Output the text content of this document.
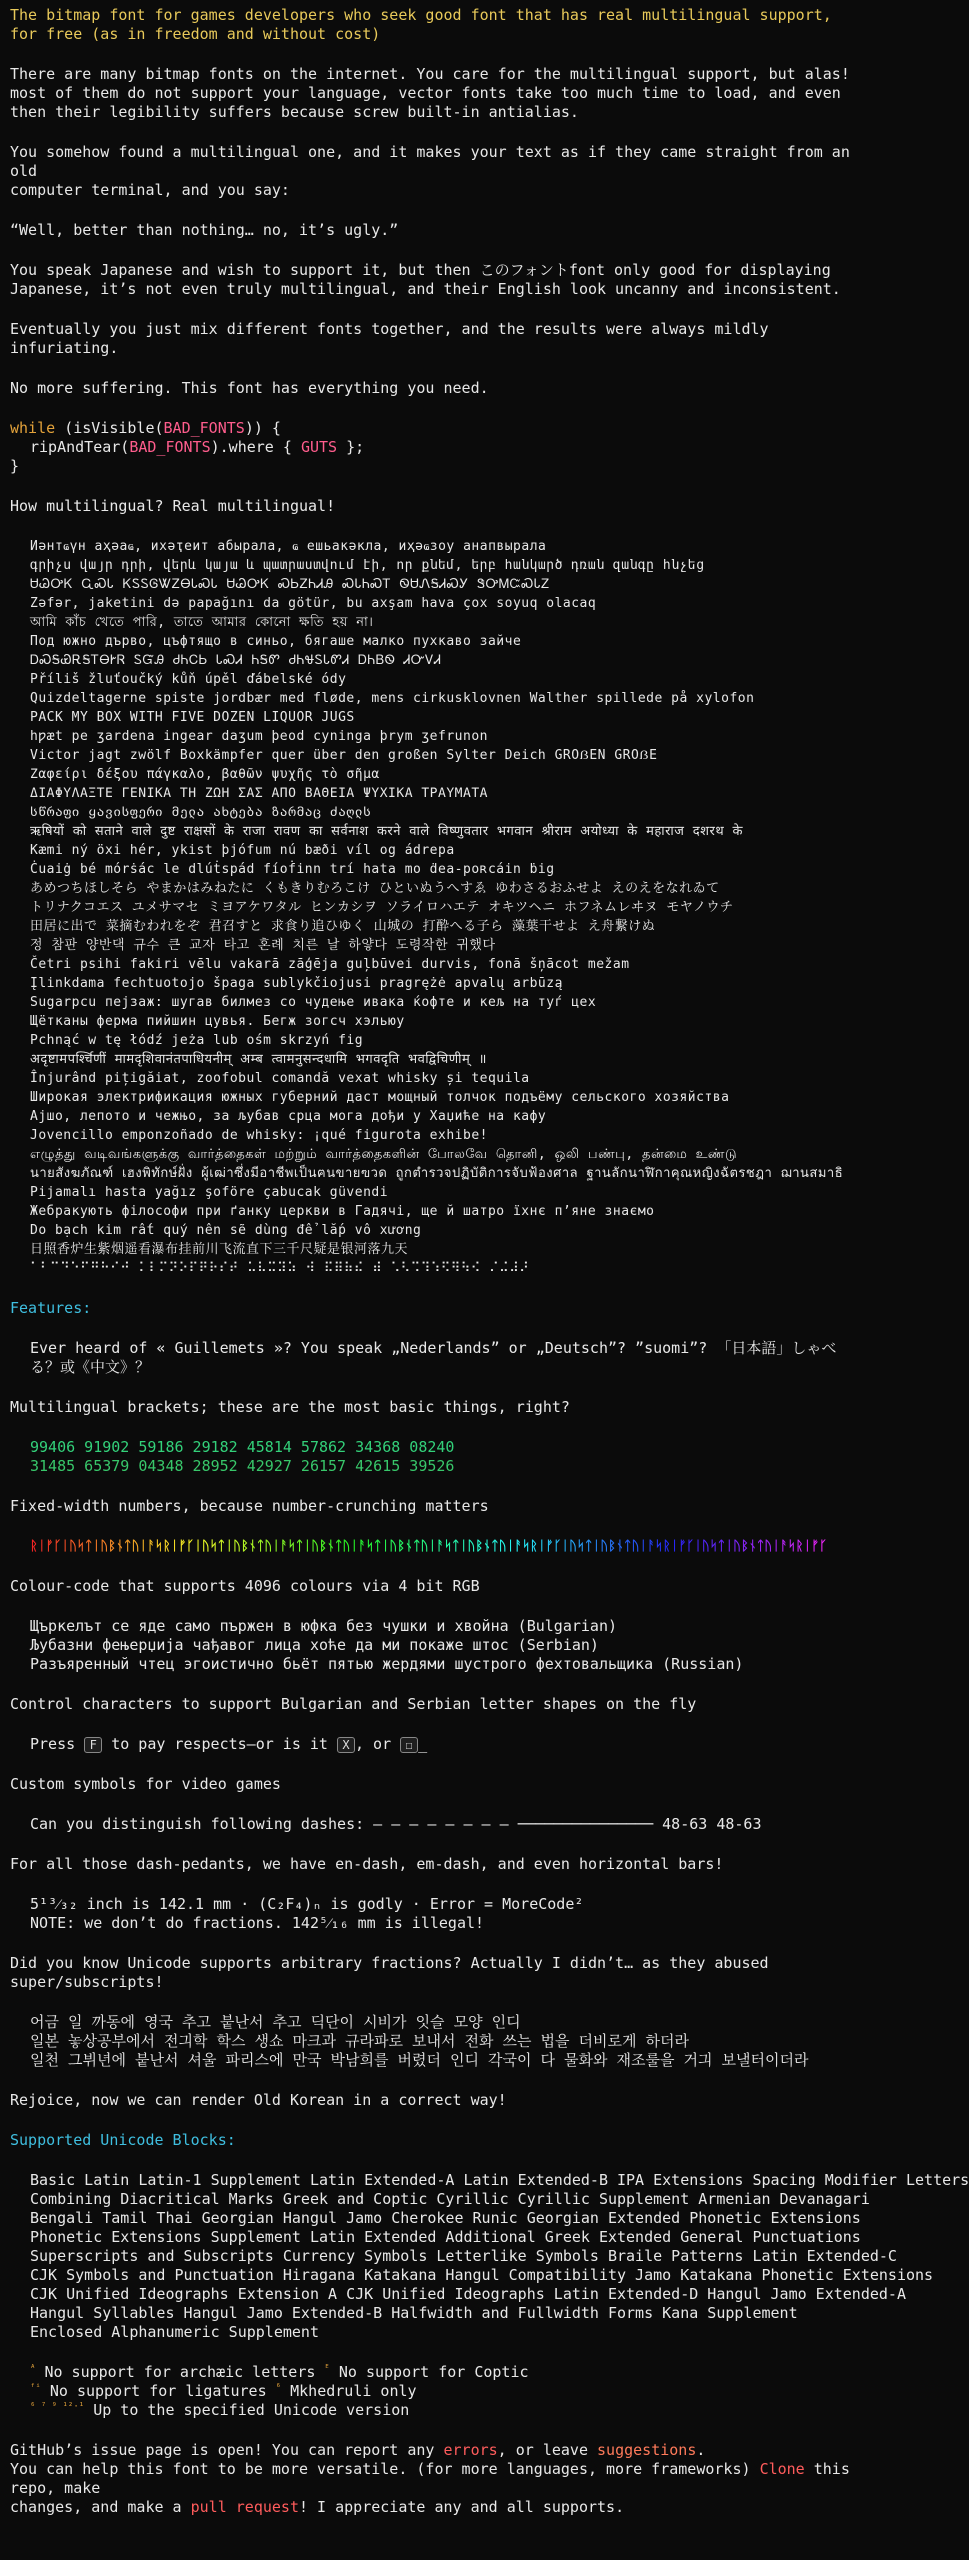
The bitmap font for games developers who seek good font that has real multilingual support,

for free (as in freedom and without cost)

There are many bitmap fonts on the internet. You care for the multilingual support, but alas!

most of them do not support your language, vector fonts take too much time to load, and even

then their legibility suffers because screw built-in antialias.

You somehow found a multilingual one, and it makes your text as if they came straight from an old

computer terminal, and you say:

“Well, better than nothing… no, it’s ugly.”

You speak Japanese and wish to support it, but then このフォントfont only good for displaying

Japanese, it’s not even truly multilingual, and their English look uncanny and inconsistent.

Eventually you just mix different fonts together, and the results were always mildly infuriating.

No more suffering. This font has everything you need.

while (isVisible(BAD_FONTS)) {

ripAndTear(BAD_FONTS).where { GUTS };

}

How multilingual? Real multilingual!

Иәнтҩүн аҳәаҩ, ихәҭеит абырала, ҩ ешьакәкла, иҳәҩзоу анапвырала

գրիչս վայր դրի, վերև կայա և պատրաստվում էի, որ քնեմ, երբ հանկարծ դռան զանգը հնչեց

ᏌᏊᎤᏦ ᏩᏍᏓ ᏦᏚᏚᎶᏔᏃᎾᏓᏍᏓ ᏌᏊᎤᏦ ᏍᏏᏃᏂᏗᎯ ᏍᏓᏂᏍᎢ ᏫᏌᏁᎦᏗᏍᎩ ᏕᎤᎷᏨᏍᏓᏃ

Zəfər, jaketini də papağını da götür, bu axşam hava çox soyuq olacaq

আমি কাঁচ খেতে পারি, তাতে আমার কোনো ক্ষতি হয় না।

Под южно дърво, цъфтящо в синьо, бягаше малко пухкаво зайче

ᎠᏍᎦᏯᎡᎦᎢᎾᎨᏒ ᏚᏳᎯ ᏧᏂᏟᏏ ᏓᏍᏗ ᏂᎦᏛ ᏧᏂᏠᏚᏓᏛᏗ ᎠᏂᏴᏫ ᏗᏅᏙᏗ

Příliš žluťoučký kůň úpěl ďábelské ódy

Quizdeltagerne spiste jordbær med fløde, mens cirkusklovnen Walther spillede på xylofon

PACK MY BOX WITH FIVE DOZEN LIQUOR JUGS

hƿæt pe ʒardena ingear daʒum þeod cyninga þrym ʒefrunon

Victor jagt zwölf Boxkämpfer quer über den großen Sylter Deich GROẞEN GROẞE

Ζαφείρι δέξου πάγκαλο, βαθῶν ψυχῆς τὸ σῆμα

ΔΙΑΦΥΛΑΞΤΕ ΓΕΝΙΚΑ ΤΗ ΖΩΗ ΣΑΣ ΑΠΟ ΒΑΘΕΙΑ ΨΥΧΙΚΑ ΤΡΑΥΜΑΤΑ

სწრაფი ყავისფერი მელა ახტება ზარმაც ძაღლს

ऋषियों को सताने वाले दुष्ट राक्षसों के राजा रावण का सर्वनाश करने वाले विष्णुवतार भगवान श्रीराम अयोध्या के महाराज दशरथ के

Kæmi ný öxi hér, ykist þjófum nú bæði víl og ádrepa

Ċuaiġ bé mórṡác le dlúṫspád fíoḟinn trí hata mo ḋea-poʀcáin ḃig

あめつちほしそら やまかはみねたに くもきりむろこけ ひといぬうへすゑ ゆわさるおふせよ えのえをなれゐて

トリナクコエス ユメサマセ ミヨアケワタル ヒンカシヲ ソライロハエテ オキツヘニ ホフネムレヰヌ モヤノウチ

田居に出で 菜摘むわれをぞ 君召すと 求食り追ひゆく 山城の 打酔へる子ら 藻葉干せよ え舟繋けぬ

정 참판 양반댁 규수 큰 교자 타고 혼례 치른 날 하얗다 도령작한 귀했다

Četri psihi fakiri vēlu vakarā zāģēja guļbūvei durvis, fonā šņācot mežam

Įlinkdama fechtuotojo špaga sublykčiojusi pragrężė apvalų arbūzą

Sugarpcu пејзаж: шугав билмез со чудење ивака ќофте и кељ на туѓ цех

Щётканы ферма пийшин цувья. Бегж зогсч хэльюу

Pchnąć w tę łódź jeża lub ośm skrzyń fig

अदृष्टामपर्श्चिणीं मामदृशिवानंतपाधियनीम् अम्ब त्वामनुसन्दधामि भगवदृति भवद्विचिणीम् ॥

Înjurând pițigăiat, zoofobul comandă vexat whisky și tequila

Широкая электрификация южных губерний даст мощный толчок подъёму сельского хозяйства

Ајшо, лепото и чежњо, за љубав срца мога дођи у Хаџиће на кафу

Jovencillo emponzoñado de whisky: ¡qué figurota exhibe!

எழுத்து வடிவங்களுக்கு வார்த்தைகள் மற்றும் வார்த்தைகளின் போலவே தொனி, ஒலி பண்பு, தன்மை உண்டு

นายสังฆภัณฑ์ เฮงพิทักษ์ฝั่ง ผู้เฒ่าซึ่งมีอาชีพเป็นฅนขายฃวด ถูกตำรวจปฏิบัติการจับฟ้องศาล ฐานลักนาฬิกาคุณหญิงฉัตรชฎา ฌานสมาธิ

Pijamalı hasta yağız şoföre çabucak güvendi

Жебракують філософи при ґанку церкви в Гадячі, ще й шатро їхнє п’яне знаємо

Do bạch kim rất quý nên sẽ dùng để lắp vô xương

日照香炉生紫烟遥看瀑布挂前川飞流直下三千尺疑是银河落九天

⠁⠃⠉⠙⠑⠋⠛⠓⠊⠚ ⠅⠇⠍⠝⠕⠏⠟⠗⠎⠞ ⠥⠧⠭⠽⠵ ⠺ ⠯⠿⠷⠮ ⠾ ⠡⠣⠩⠹⠱⠫⠻⠳⠪ ⠌⠬⠼⠜

Features:

Ever heard of « Guillemets »? You speak „Nederlands” or „Deutsch”? ”suomi”? 「日本語」しゃべる？或《中文》？

Multilingual brackets; these are the most basic things, right?

99406 91902 59186 29182 45814 57862 34368 08240

31485 65379 04348 28952 42927 26157 42615 39526

Fixed-width numbers, because number-crunching matters

ᚱᛁᚠᚴᛁᚢᛋᛏᛁᚢᛒᚾᛏᚢᛁᚨᛋᚱᛁᚠᚴᛁᚢᛋᛏᛁᚢᛒᚾᛏᚢᛁᚨᛋᛏᛁᚢᛒᚾᛏᚢᛁᚨᛋᛏᛁᚢᛒᚾᛏᚢᛁᚨᛋᛏᛁᚢᛒᚾᛏᚢᛁᚨᛋᚱᛁᚠᚴᛁᚢᛋᛏᛁᚢᛒᚾᛏᚢᛁᚨᛋᚱᛁᚠᚴᛁᚢᛋᛏᛁᚢᛒᚾᛏᚢᛁᚨᛋᚱᛁᚠᚴ

Colour-code that supports 4096 colours via 4 bit RGB

Щъркелът се яде само пържен в юфка без чушки и хвойна (Bulgarian)

Љубазни фењерџија чађавог лица хоће да ми покаже штос (Serbian)

Разъяренный чтец эгоистично бьёт пятью жердями шустрого фехтовальщика (Russian)

Control characters to support Bulgarian and Serbian letter shapes on the fly

Press F to pay respects—or is it X , or ☐ _

Custom symbols for video games

Can you distinguish following dashes: ‒ ‒ ‒ ‒ ‒ ‒ ‒ ‒ ─────────────── 48-63 48‑63

For all those dash-pedants, we have en-dash, em-dash, and even horizontal bars!

5¹³⁄₃₂ inch is 142.1 mm · (C₂F₄)ₙ is godly · Error = MoreCode²

NOTE: we don’t do fractions. 142⁵⁄₁₆ mm is illegal!

Did you know Unicode supports arbitrary fractions? Actually I didn’t… as they abused super/subscripts!

어금 일 까동에 영국 추고 붙난서 추고 딕단이 시비가 잇슬 모양 인디

일본 놓상공부에서 전긔학 학스 생쇼 마크과 규라파로 보내서 전화 쓰는 법을 더비로게 하더라

일천 그뷔년에 붙난서 셔울 파리스에 만국 박남희를 버렸더 인디 각국이 다 물화와 재조룰을 거긔 보낼터이더라

Rejoice, now we can render Old Korean in a correct way!

Supported Unicode Blocks:

Basic Latin Latin-1 Supplement Latin Extended-A Latin Extended-B IPA Extensions Spacing Modifier Letters

Combining Diacritical Marks Greek and Coptic Cyrillic Cyrillic Supplement Armenian Devanagari

Bengali Tamil Thai Georgian Hangul Jamo Cherokee Runic Georgian Extended Phonetic Extensions

Phonetic Extensions Supplement Latin Extended Additional Greek Extended General Punctuations

Superscripts and Subscripts Currency Symbols Letterlike Symbols Braile Patterns Latin Extended-C

CJK Symbols and Punctuation Hiragana Katakana Hangul Compatibility Jamo Katakana Phonetic Extensions

CJK Unified Ideographs Extension A CJK Unified Ideographs Latin Extended-D Hangul Jamo Extended-A

Hangul Syllables Hangul Jamo Extended-B Halfwidth and Fullwidth Forms Kana Supplement

Enclosed Alphanumeric Supplement

$^ᴬ$ No support for archæic letters $^ᴱ$ No support for Coptic

$^{ᶠ^i}$ No support for ligatures $^{^6}$ Mkhedruli only

$^{^6 ^7 ^9 ^{12}\cdot^1}$ Up to the specified Unicode version

GitHub’s issue page is open! You can report any errors, or leave suggestions.

You can help this font to be more versatile. (for more languages, more frameworks) Clone this repo, make

changes, and make a pull request! I appreciate any and all supports.
